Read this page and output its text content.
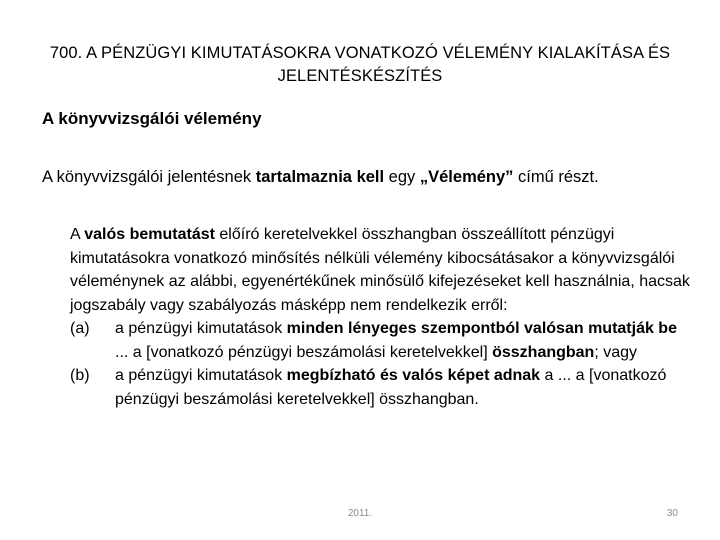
700. A PÉNZÜGYI KIMUTATÁSOKRA VONATKOZÓ VÉLEMÉNY KIALAKÍTÁSA ÉS
JELENTÉSKÉSZÍTÉS
A könyvvizsgálói vélemény
A könyvvizsgálói jelentésnek tartalmaznia kell egy „Vélemény” című részt.
A valós bemutatást előíró keretelvekkel összhangban összeállított pénzügyi kimutatásokra vonatkozó minősítés nélküli vélemény kibocsátásakor a könyvvizsgálói véleménynek az alábbi, egyenértékűnek minősülő kifejezéseket kell használnia, hacsak jogszabály vagy szabályozás másképp nem rendelkezik erről:
(a) a pénzügyi kimutatások minden lényeges szempontból valósan mutatják be ... a [vonatkozó pénzügyi beszámolási keretelvekkel] összhangban; vagy
(b) a pénzügyi kimutatások megbízható és valós képet adnak a ... a [vonatkozó pénzügyi beszámolási keretelvekkel] összhangban.
2011.	30
